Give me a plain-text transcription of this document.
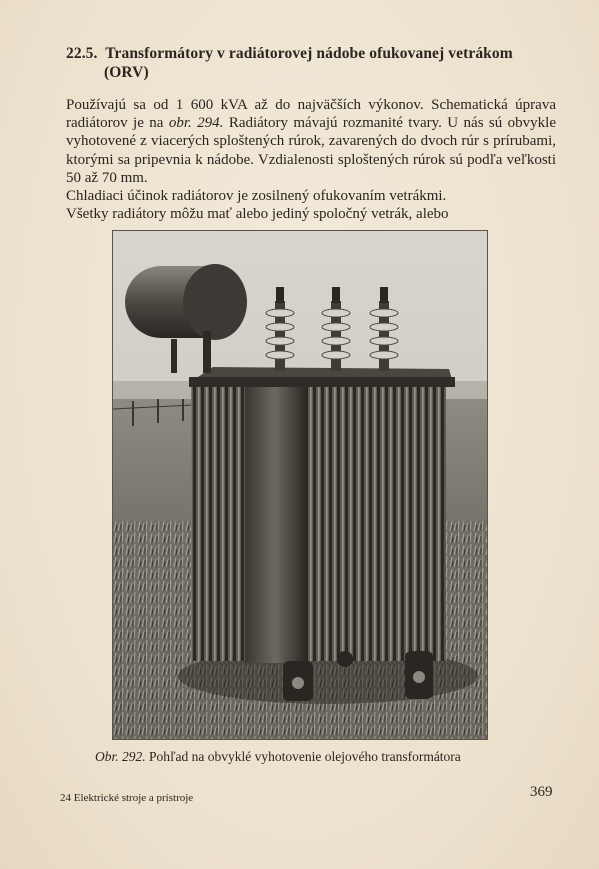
22.5. Transformátory v radiátorovej nádobe ofukovanej vetrákom
(ORV)

Používajú sa od 1 600 kVA až do najväčších výkonov. Schematická úprava radiátorov je na obr. 294. Radiátory mávajú rozmanité tvary. U nás sú obvykle vyhotovené z viacerých sploštených rúrok, zavarených do dvoch rúr s prírubami, ktorými sa pripevnia k nádobe. Vzdialenosti sploštených rúrok sú podľa veľkosti 50 až 70 mm.

Chladiaci účinok radiátorov je zosilnený ofukovaním vetrákmi.

Všetky radiátory môžu mať alebo jediný spoločný vetrák, alebo

Obr. 292. Pohľad na obvyklé vyhotovenie olejového transformátora
24 Elektrické stroje a prístroje	369
